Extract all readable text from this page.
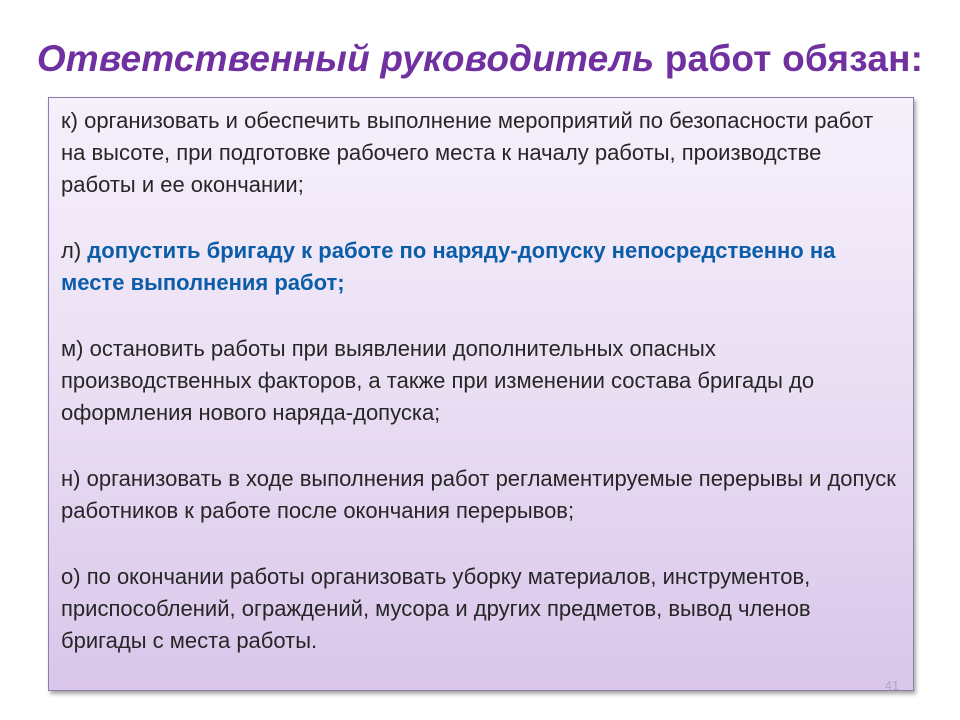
Ответственный руководитель работ обязан:

к) организовать и обеспечить выполнение мероприятий по безопасности работ на высоте, при подготовке рабочего места к началу работы, производстве работы и ее окончании;

л) допустить бригаду к работе по наряду-допуску непосредственно на месте выполнения работ;

м) остановить работы при выявлении дополнительных опасных производственных факторов, а также при изменении состава бригады до оформления нового наряда-допуска;

н) организовать в ходе выполнения работ регламентируемые перерывы и допуск работников к работе после окончания перерывов;

о) по окончании работы организовать уборку материалов, инструментов, приспособлений, ограждений, мусора и других предметов, вывод членов бригады с места работы.

41
